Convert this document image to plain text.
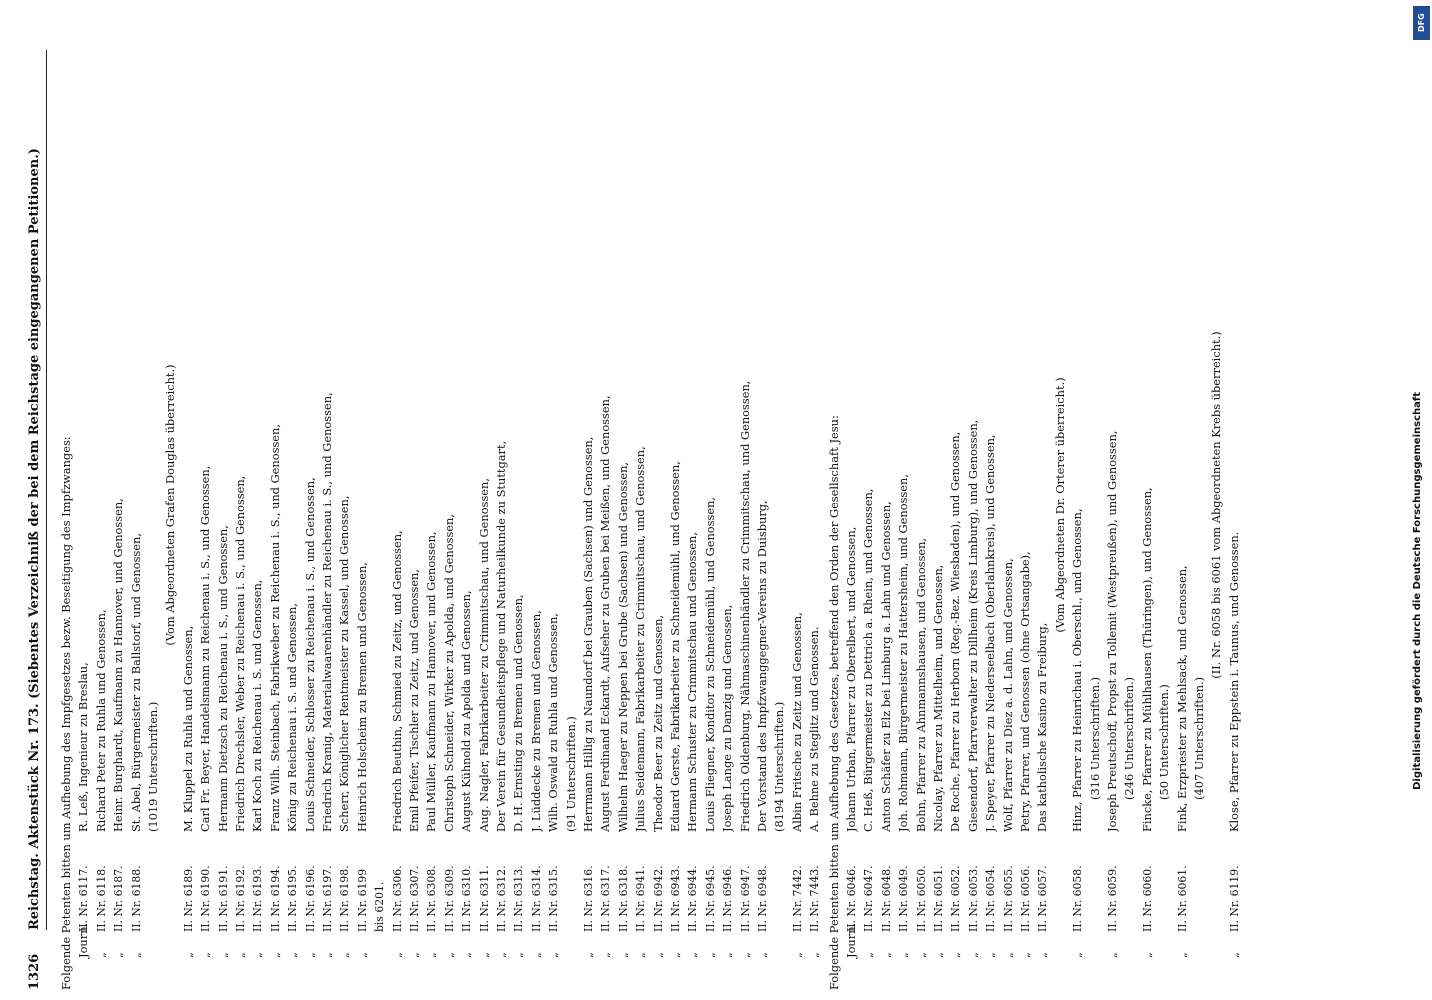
1326
Reichstag. Aktenstück Nr. 173. (Siebentes Verzeichniß der bei dem Reichstage eingegangenen Petitionen.) Folgende Petenten bitten um Aufhebung des Impfgesetzes bezw. Beseitigung des Impfzwanges: Journ.
II. Nr. 6117.
R. Leß, Ingenieur zu Breslau,
„
II. Nr. 6118.
Richard Peter zu Ruhla und Genossen,
„
II. Nr. 6187.
Heinr. Burghardt, Kaufmann zu Hannover, und Genossen,
„
II. Nr. 6188.
St. Abel, Bürgermeister zu Ballstorf, und Genossen, (1019 Unterschriften.)
(Vom Abgeordneten Grafen Douglas überreicht.)
„
II. Nr. 6189.
M. Kluppel zu Ruhla und Genossen,
„
II. Nr. 6190.
Carl Fr. Beyer, Handelsmann zu Reichenau i. S., und Genossen,
„
II. Nr. 6191.
Hermann Dietzsch zu Reichenau i. S., und Genossen,
„
II. Nr. 6192.
Friedrich Drechsler, Weber zu Reichenau i. S., und Genossen,
„
II. Nr. 6193.
Karl Koch zu Reichenau i. S. und Genossen,
„
II. Nr. 6194.
Franz Wilh. Steinbach, Fabrikweber zu Reichenau i. S., und Genossen,
„
II. Nr. 6195.
König zu Reichenau i. S. und Genossen,
„
II. Nr. 6196.
Louis Schneider, Schlosser zu Reichenau i. S., und Genossen,
„
II. Nr. 6197.
Friedrich Kranig, Materialwaarenhändler zu Reichenau i. S., und Genossen,
„
II. Nr. 6198.
Scherr, Königlicher Rentmeister zu Kassel, und Genossen,
„
II. Nr. 6199
Heinrich Holscheim zu Bremen und Genossen,
bis 6201.
„
II. Nr. 6306.
Friedrich Beuthin, Schmied zu Zeitz, und Genossen,
„
II. Nr. 6307.
Emil Pfeifer, Tischler zu Zeitz, und Genossen,
„
II. Nr. 6308.
Paul Müller, Kaufmann zu Hannover, und Genossen,
„
II. Nr. 6309.
Christoph Schneider, Wirker zu Apolda, und Genossen,
„
II. Nr. 6310.
August Kühnold zu Apolda und Genossen,
„
II. Nr. 6311.
Aug. Nagler, Fabrikarbeiter zu Crimmitschau, und Genossen,
„
II. Nr. 6312.
Der Verein für Gesundheitspflege und Naturheilkunde zu Stuttgart,
„
II. Nr. 6313.
D. H. Ernsting zu Bremen und Genossen,
„
II. Nr. 6314.
J. Lüddecke zu Bremen und Genossen,
„
II. Nr. 6315.
Wilh. Oswald zu Ruhla und Genossen, (91 Unterschriften.)
„
II. Nr. 6316.
Herrmann Hillig zu Naundorf bei Grauben (Sachsen) und Genossen,
„
II. Nr. 6317.
August Ferdinand Eckardt, Aufseher zu Gruben bei Meißen, und Genossen,
„
II. Nr. 6318.
Wilhelm Haeger zu Neppen bei Grube (Sachsen) und Genossen,
„
II. Nr. 6941.
Julius Seidemann, Fabrikarbeiter zu Crimmitschau, und Genossen,
„
II. Nr. 6942.
Theodor Beer zu Zeitz und Genossen,
„
II. Nr. 6943.
Eduard Gerste, Fabrikarbeiter zu Schneidemühl, und Genossen,
„
II. Nr. 6944.
Hermann Schuster zu Crimmitschau und Genossen,
„
II. Nr. 6945.
Louis Fliegner, Konditor zu Schneidemühl, und Genossen,
„
II. Nr. 6946.
Joseph Lange zu Danzig und Genossen,
„
II. Nr. 6947.
Friedrich Oldenburg, Nähmaschinenhändler zu Crimmitschau, und Genossen,
„
II. Nr. 6948.
Der Vorstand des Impfzwanggegner-Vereins zu Duisburg, (8194 Unterschriften.)
„
II. Nr. 7442.
Albin Fritsche zu Zeitz und Genossen,
„
II. Nr. 7443.
A. Behne zu Steglitz und Genossen. Folgende Petenten bitten um Aufhebung des Gesetzes, betreffend den Orden der Gesellschaft Jesu: Journ.
II. Nr. 6046.
Johann Urban, Pfarrer zu Oberelbert, und Genossen,
„
II. Nr. 6047.
C. Heß, Bürgermeister zu Dettrich a. Rhein, und Genossen,
„
II. Nr. 6048.
Anton Schäfer zu Elz bei Limburg a. Lahn und Genossen,
„
II. Nr. 6049.
Joh. Rohmann, Bürgermeister zu Hattersheim, und Genossen,
„
II. Nr. 6050.
Bohn, Pfarrer zu Ahnmannshausen, und Genossen,
„
II. Nr. 6051.
Nicolay, Pfarrer zu Mittelheim, und Genossen,
„
II. Nr. 6052.
De Roche, Pfarrer zu Herborn (Reg.-Bez. Wiesbaden), und Genossen,
„
II. Nr. 6053.
Giesendorf, Pfarrverwalter zu Dillheim (Kreis Limburg), und Genossen,
„
II. Nr. 6054.
J. Speyer, Pfarrer zu Niederseelbach (Oberlahnkreis), und Genossen,
„
II. Nr. 6055.
Wolf, Pfarrer zu Diez a. d. Lahn, und Genossen,
„
II. Nr. 6056.
Petry, Pfarrer, und Genossen (ohne Ortsangabe),
„
II. Nr. 6057.
Das katholische Kasino zu Freiburg,
(Vom Abgeordneten Dr. Orterer überreicht.)
„
II. Nr. 6058.
Hinz, Pfarrer zu Heinrichau i. Oberschl., und Genossen, (316 Unterschriften.)
„
II. Nr. 6059.
Joseph Preutschoff, Propst zu Tollemit (Westpreußen), und Genossen, (246 Unterschriften.)
„
II. Nr. 6060.
Fincke, Pfarrer zu Mühlhausen (Thüringen), und Genossen, (50 Unterschriften.)
„
II. Nr. 6061.
Fink, Erzpriester zu Mehlsack, und Genossen, (407 Unterschriften.)
(II. Nr. 6058 bis 6061 vom Abgeordneten Krebs überreicht.)
„
II. Nr. 6119.
Klose, Pfarrer zu Eppstein i. Taunus, und Genossen.	Digitalisierung gefördert durch die Deutsche Forschungsgemeinschaft
DFG
